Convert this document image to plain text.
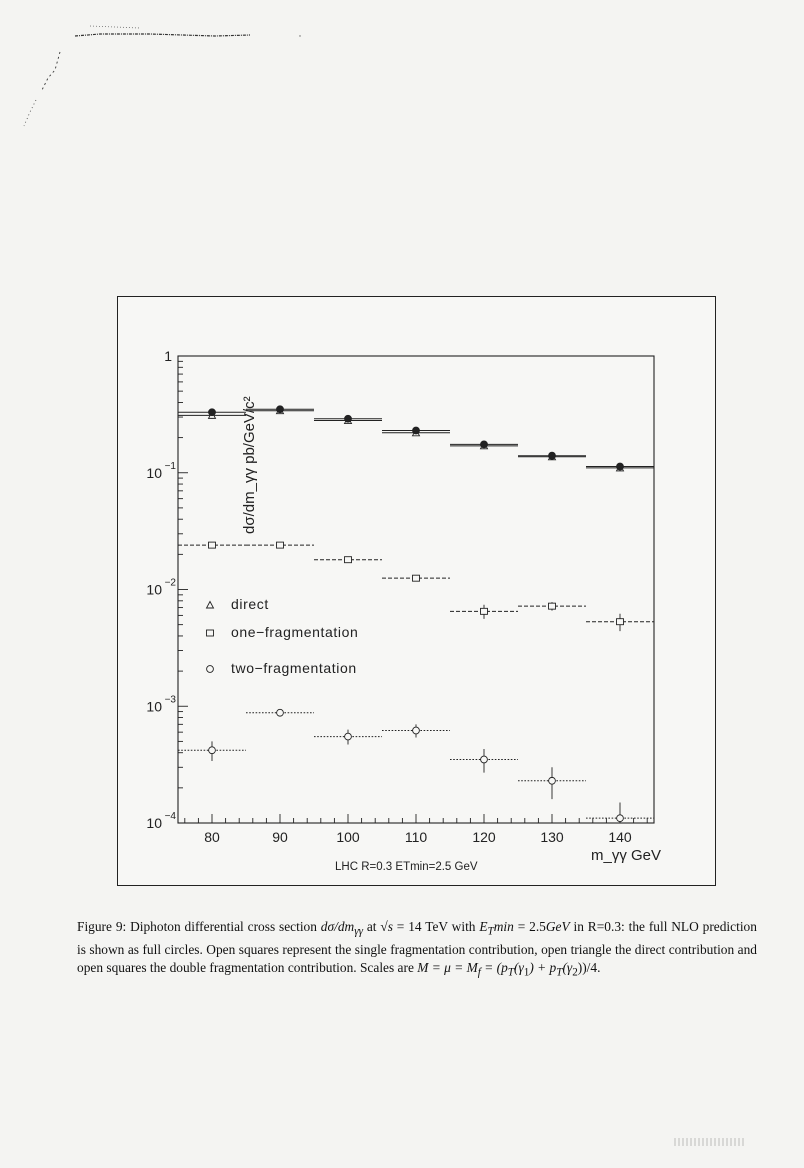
80	90	100	110	120	130	140
10 −4
10 −3
10 −2
10 −1
1
direct
one−fragmentation
two−fragmentation
dσ/dm_γγ pb/GeV/c²
m_γγ GeV
LHC R=0.3 ETmin=2.5 GeV
Figure 9: Diphoton differential cross section $d\sigma/dm_{\gamma\gamma}$ at √s = 14 TeV with $E_T\min = 2.5GeV$ in R=0.3: the full NLO prediction is shown as full circles. Open squares represent the single fragmentation contribution, open triangle the direct contribution and open squares the double fragmentation contribution. Scales are $M = \mu = M_f = (p_T(\gamma_1) + p_T(\gamma_2))/4$.
